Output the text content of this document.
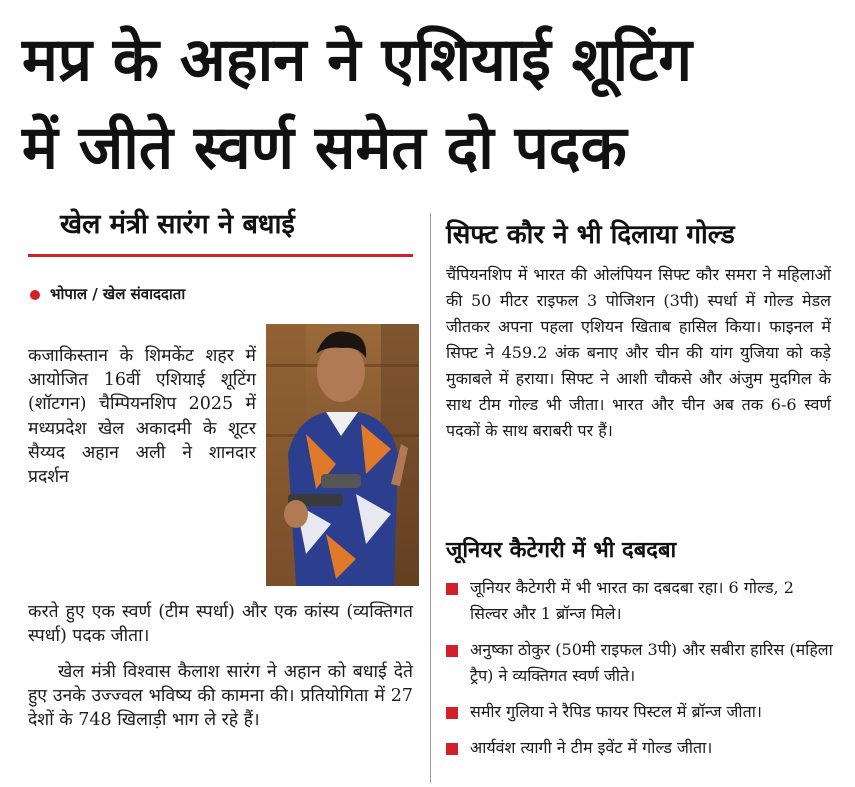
मप्र के अहान ने एशियाई शूटिंग
में जीते स्वर्ण समेत दो पदक
खेल मंत्री सारंग ने बधाई
भोपाल / खेल संवाददाता
कजाकिस्तान के शिमकेंट शहर में आयोजित 16वीं एशियाई शूटिंग (शॉटगन) चैम्पियनशिप 2025 में मध्यप्रदेश खेल अकादमी के शूटर सैय्यद अहान अली ने शानदार प्रदर्शन
करते हुए एक स्वर्ण (टीम स्पर्धा) और एक कांस्य (व्यक्तिगत स्पर्धा) पदक जीता।
खेल मंत्री विश्वास कैलाश सारंग ने अहान को बधाई देते हुए उनके उज्ज्वल भविष्य की कामना की। प्रतियोगिता में 27 देशों के 748 खिलाड़ी भाग ले रहे हैं।
सिफ्ट कौर ने भी दिलाया गोल्ड
चैंपियनशिप में भारत की ओलंपियन सिफ्ट कौर समरा ने महिलाओं की 50 मीटर राइफल 3 पोजिशन (3पी) स्पर्धा में गोल्ड मेडल जीतकर अपना पहला एशियन खिताब हासिल किया। फाइनल में सिफ्ट ने 459.2 अंक बनाए और चीन की यांग युजिया को कड़े मुकाबले में हराया। सिफ्ट ने आशी चौकसे और अंजुम मुदगिल के साथ टीम गोल्ड भी जीता। भारत और चीन अब तक 6-6 स्वर्ण पदकों के साथ बराबरी पर हैं।
जूनियर कैटेगरी में भी दबदबा
जूनियर कैटेगरी में भी भारत का दबदबा रहा। 6 गोल्ड, 2 सिल्वर और 1 ब्रॉन्ज मिले।
अनुष्का ठोकुर (50मी राइफल 3पी) और सबीरा हारिस (महिला ट्रैप) ने व्यक्तिगत स्वर्ण जीते।
समीर गुलिया ने रैपिड फायर पिस्टल में ब्रॉन्ज जीता।
आर्यवंश त्यागी ने टीम इवेंट में गोल्ड जीता।
